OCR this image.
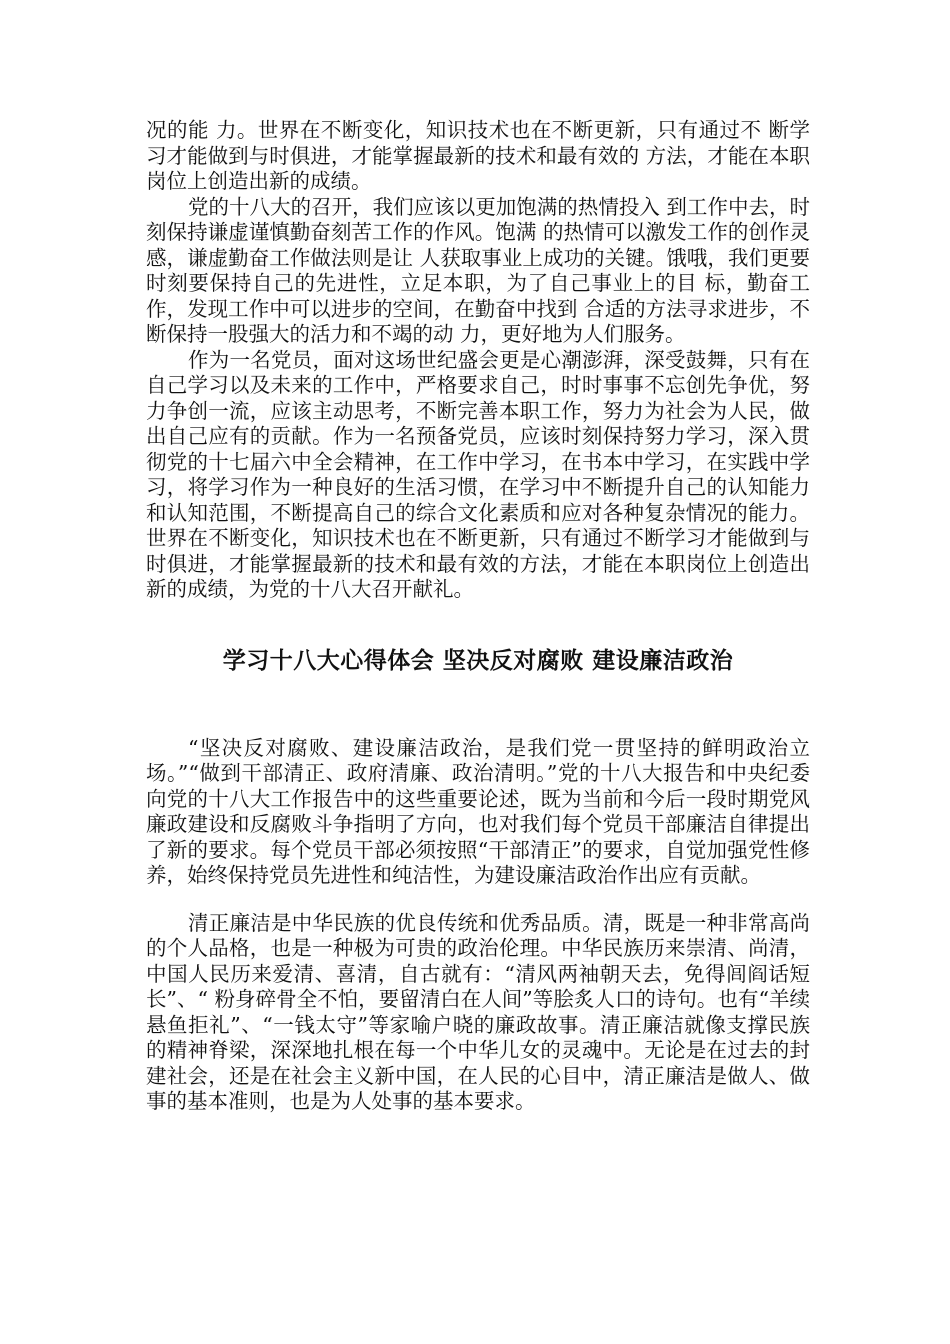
况的能 力。世界在不断变化，知识技术也在不断更新，只有通过不 断学习才能做到与时俱进，才能掌握最新的技术和最有效的 方法，才能在本职岗位上创造出新的成绩。

党的十八大的召开，我们应该以更加饱满的热情投入 到工作中去，时刻保持谦虚谨慎勤奋刻苦工作的作风。饱满 的热情可以激发工作的创作灵感，谦虚勤奋工作做法则是让 人获取事业上成功的关键。饿哦，我们更要时刻要保持自己的先进性，立足本职，为了自己事业上的目 标，勤奋工作，发现工作中可以进步的空间，在勤奋中找到 合适的方法寻求进步，不断保持一股强大的活力和不竭的动 力，更好地为人们服务。

作为一名党员，面对这场世纪盛会更是心潮澎湃，深受鼓舞，只有在自己学习以及未来的工作中，严格要求自己，时时事事不忘创先争优，努力争创一流，应该主动思考，不断完善本职工作，努力为社会为人民，做出自己应有的贡献。作为一名预备党员，应该时刻保持努力学习，深入贯彻党的十七届六中全会精神，在工作中学习，在书本中学习，在实践中学习，将学习作为一种良好的生活习惯，在学习中不断提升自己的认知能力和认知范围，不断提高自己的综合文化素质和应对各种复杂情况的能力。世界在不断变化，知识技术也在不断更新，只有通过不断学习才能做到与时俱进，才能掌握最新的技术和最有效的方法，才能在本职岗位上创造出新的成绩，为党的十八大召开献礼。

学习十八大心得体会 坚决反对腐败 建设廉洁政治

“坚决反对腐败、建设廉洁政治，是我们党一贯坚持的鲜明政治立场。”“做到干部清正、政府清廉、政治清明。”党的十八大报告和中央纪委向党的十八大工作报告中的这些重要论述，既为当前和今后一段时期党风廉政建设和反腐败斗争指明了方向，也对我们每个党员干部廉洁自律提出了新的要求。每个党员干部必须按照“干部清正”的要求，自觉加强党性修养，始终保持党员先进性和纯洁性，为建设廉洁政治作出应有贡献。

清正廉洁是中华民族的优良传统和优秀品质。清，既是一种非常高尚的个人品格，也是一种极为可贵的政治伦理。中华民族历来崇清、尚清，中国人民历来爱清、喜清，自古就有：“清风两袖朝天去，免得闾阎话短长”、“ 粉身碎骨全不怕，要留清白在人间”等脍炙人口的诗句。也有“羊续悬鱼拒礼”、“一钱太守”等家喻户晓的廉政故事。清正廉洁就像支撑民族的精神脊梁，深深地扎根在每一个中华儿女的灵魂中。无论是在过去的封建社会，还是在社会主义新中国，在人民的心目中，清正廉洁是做人、做事的基本准则，也是为人处事的基本要求。
